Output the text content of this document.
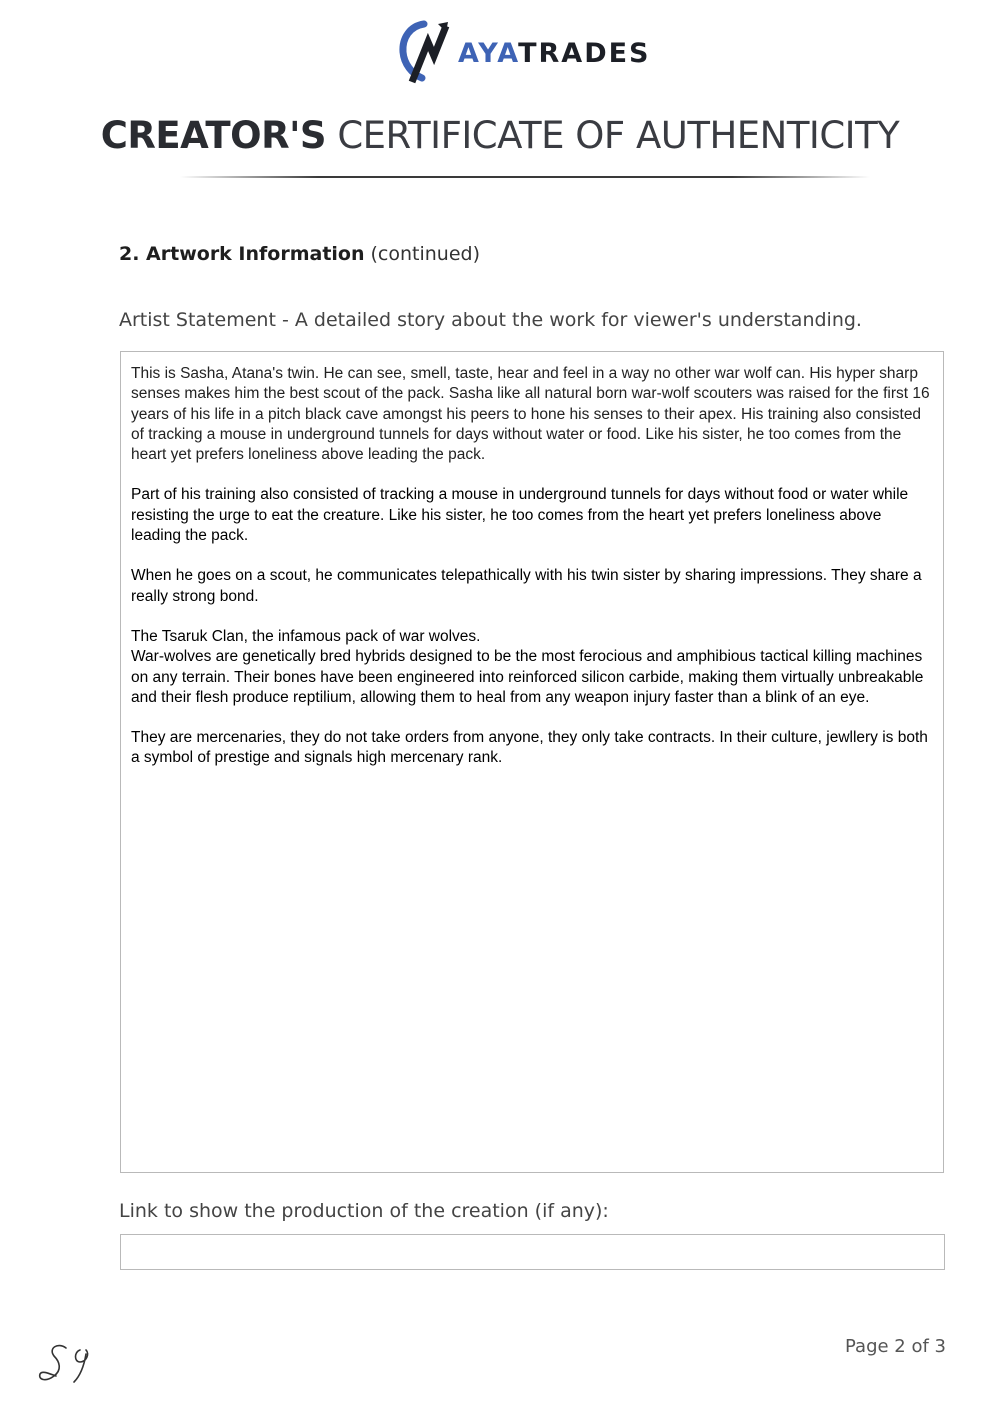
AYATRADES
CREATOR'S CERTIFICATE OF AUTHENTICITY
2. Artwork Information (continued)
Artist Statement - A detailed story about the work for viewer's understanding.

This is Sasha, Atana's twin. He can see, smell, taste, hear and feel in a way no other war wolf can. His hyper sharp senses makes him the best scout of the pack. Sasha like all natural born war-wolf scouters was raised for the first 16 years of his life in a pitch black cave amongst his peers to hone his senses to their apex. His training also consisted of tracking a mouse in underground tunnels for days without water or food. Like his sister, he too comes from the heart yet prefers loneliness above leading the pack.

Part of his training also consisted of tracking a mouse in underground tunnels for days without food or water while resisting the urge to eat the creature. Like his sister, he too comes from the heart yet prefers loneliness above leading the pack.

When he goes on a scout, he communicates telepathically with his twin sister by sharing impressions. They share a really strong bond.

The Tsaruk Clan, the infamous pack of war wolves.
War-wolves are genetically bred hybrids designed to be the most ferocious and amphibious tactical killing machines on any terrain. Their bones have been engineered into reinforced silicon carbide, making them virtually unbreakable and their flesh produce reptilium, allowing them to heal from any weapon injury faster than a blink of an eye.

They are mercenaries, they do not take orders from anyone, they only take contracts. In their culture, jewllery is both a symbol of prestige and signals high mercenary rank.

Link to show the production of the creation (if any):
Page 2 of 3
